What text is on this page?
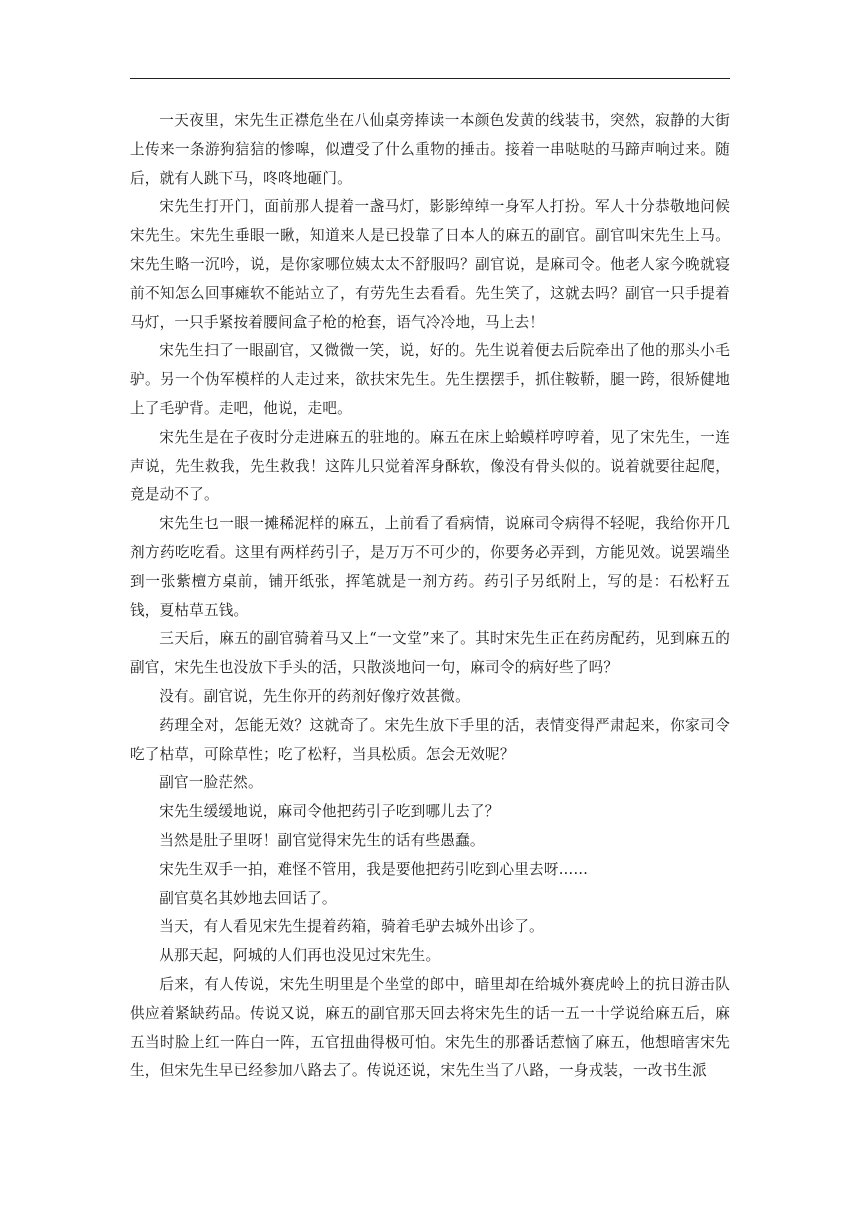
一天夜里，宋先生正襟危坐在八仙桌旁捧读一本颜色发黄的线装书，突然，寂静的大街上传来一条游狗狺狺的惨嗥，似遭受了什么重物的捶击。接着一串哒哒的马蹄声响过来。随后，就有人跳下马，咚咚地砸门。

宋先生打开门，面前那人提着一盏马灯，影影绰绰一身军人打扮。军人十分恭敬地问候宋先生。宋先生垂眼一瞅，知道来人是已投靠了日本人的麻五的副官。副官叫宋先生上马。宋先生略一沉吟，说，是你家哪位姨太太不舒服吗？副官说，是麻司令。他老人家今晚就寝前不知怎么回事瘫软不能站立了，有劳先生去看看。先生笑了，这就去吗？副官一只手提着马灯，一只手紧按着腰间盒子枪的枪套，语气冷冷地，马上去！

宋先生扫了一眼副官，又微微一笑，说，好的。先生说着便去后院牵出了他的那头小毛驴。另一个伪军模样的人走过来，欲扶宋先生。先生摆摆手，抓住鞍鞒，腿一跨，很矫健地上了毛驴背。走吧，他说，走吧。

宋先生是在子夜时分走进麻五的驻地的。麻五在床上蛤蟆样哼哼着，见了宋先生，一连声说，先生救我，先生救我！这阵儿只觉着浑身酥软，像没有骨头似的。说着就要往起爬，竟是动不了。

宋先生乜一眼一摊稀泥样的麻五，上前看了看病情，说麻司令病得不轻呢，我给你开几剂方药吃吃看。这里有两样药引子，是万万不可少的，你要务必弄到，方能见效。说罢端坐到一张紫檀方桌前，铺开纸张，挥笔就是一剂方药。药引子另纸附上，写的是：石松籽五钱，夏枯草五钱。

三天后，麻五的副官骑着马又上“一文堂”来了。其时宋先生正在药房配药，见到麻五的副官，宋先生也没放下手头的活，只散淡地问一句，麻司令的病好些了吗？

没有。副官说，先生你开的药剂好像疗效甚微。

药理全对，怎能无效？这就奇了。宋先生放下手里的活，表情变得严肃起来，你家司令吃了枯草，可除草性；吃了松籽，当具松质。怎会无效呢？

副官一脸茫然。

宋先生缓缓地说，麻司令他把药引子吃到哪儿去了？

当然是肚子里呀！副官觉得宋先生的话有些愚蠢。

宋先生双手一拍，难怪不管用，我是要他把药引吃到心里去呀……

副官莫名其妙地去回话了。

当天，有人看见宋先生提着药箱，骑着毛驴去城外出诊了。

从那天起，阿城的人们再也没见过宋先生。

后来，有人传说，宋先生明里是个坐堂的郎中，暗里却在给城外赛虎岭上的抗日游击队供应着紧缺药品。传说又说，麻五的副官那天回去将宋先生的话一五一十学说给麻五后，麻五当时脸上红一阵白一阵，五官扭曲得极可怕。宋先生的那番话惹恼了麻五，他想暗害宋先生，但宋先生早已经参加八路去了。传说还说，宋先生当了八路，一身戎装，一改书生派
